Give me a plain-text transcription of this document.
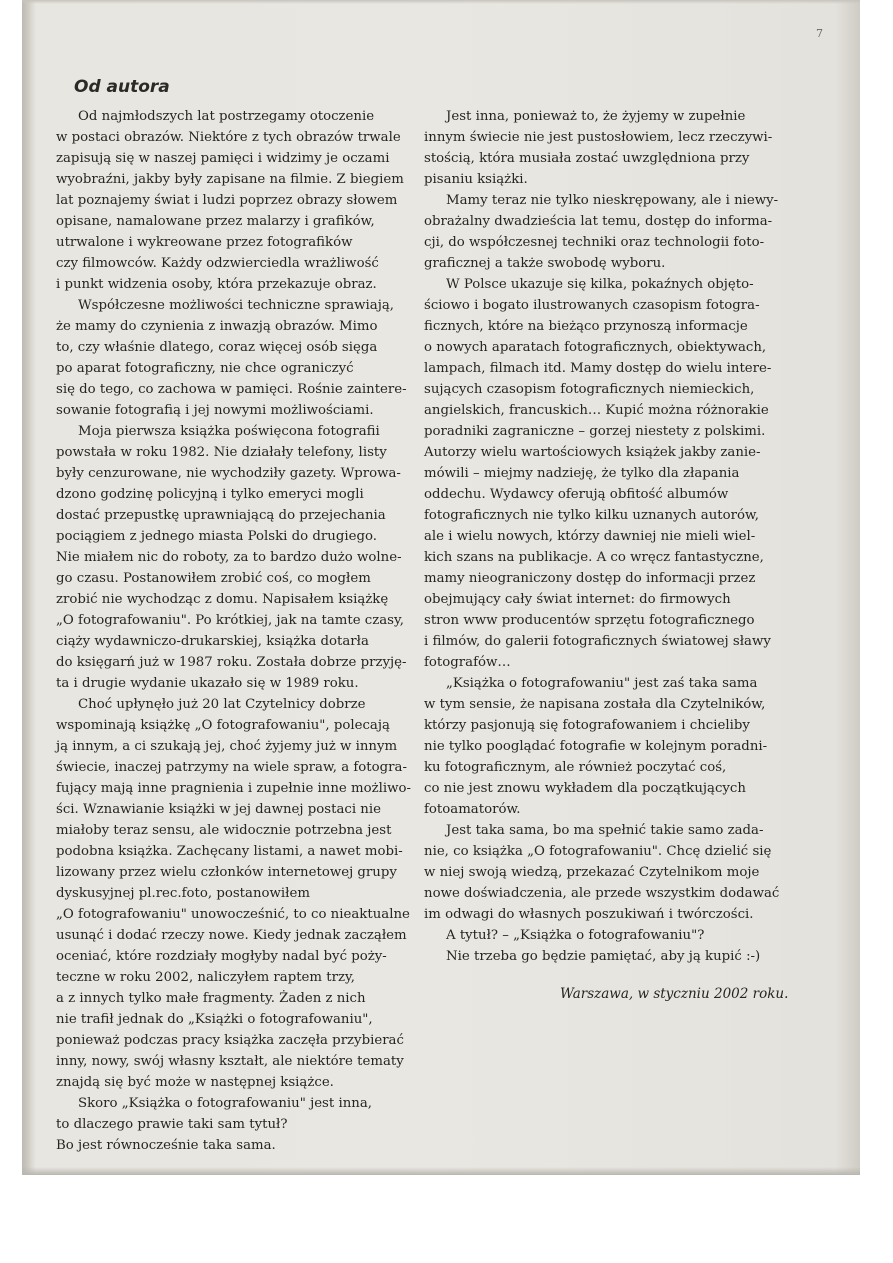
7
Od autora
Od najmłodszych lat postrzegamy otoczenie
w postaci obrazów. Niektóre z tych obrazów trwale
zapisują się w naszej pamięci i widzimy je oczami
wyobraźni, jakby były zapisane na filmie. Z biegiem
lat poznajemy świat i ludzi poprzez obrazy słowem
opisane, namalowane przez malarzy i grafików,
utrwalone i wykreowane przez fotografików
czy filmowców. Każdy odzwierciedla wrażliwość
i punkt widzenia osoby, która przekazuje obraz.
Współczesne możliwości techniczne sprawiają,
że mamy do czynienia z inwazją obrazów. Mimo
to, czy właśnie dlatego, coraz więcej osób sięga
po aparat fotograficzny, nie chce ograniczyć
się do tego, co zachowa w pamięci. Rośnie zaintere-
sowanie fotografią i jej nowymi możliwościami.
Moja pierwsza książka poświęcona fotografii
powstała w roku 1982. Nie działały telefony, listy
były cenzurowane, nie wychodziły gazety. Wprowa-
dzono godzinę policyjną i tylko emeryci mogli
dostać przepustkę uprawniającą do przejechania
pociągiem z jednego miasta Polski do drugiego.
Nie miałem nic do roboty, za to bardzo dużo wolne-
go czasu. Postanowiłem zrobić coś, co mogłem
zrobić nie wychodząc z domu. Napisałem książkę
„O fotografowaniu". Po krótkiej, jak na tamte czasy,
ciąży wydawniczo-drukarskiej, książka dotarła
do księgarń już w 1987 roku. Została dobrze przyję-
ta i drugie wydanie ukazało się w 1989 roku.
Choć upłynęło już 20 lat Czytelnicy dobrze
wspominają książkę „O fotografowaniu", polecają
ją innym, a ci szukają jej, choć żyjemy już w innym
świecie, inaczej patrzymy na wiele spraw, a fotogra-
fujący mają inne pragnienia i zupełnie inne możliwo-
ści. Wznawianie książki w jej dawnej postaci nie
miałoby teraz sensu, ale widocznie potrzebna jest
podobna książka. Zachęcany listami, a nawet mobi-
lizowany przez wielu członków internetowej grupy
dyskusyjnej pl.rec.foto, postanowiłem
„O fotografowaniu" unowocześnić, to co nieaktualne
usunąć i dodać rzeczy nowe. Kiedy jednak zacząłem
oceniać, które rozdziały mogłyby nadal być poży-
teczne w roku 2002, naliczyłem raptem trzy,
a z innych tylko małe fragmenty. Żaden z nich
nie trafił jednak do „Książki o fotografowaniu",
ponieważ podczas pracy książka zaczęła przybierać
inny, nowy, swój własny kształt, ale niektóre tematy
znajdą się być może w następnej książce.
Skoro „Książka o fotografowaniu" jest inna,
to dlaczego prawie taki sam tytuł?
Bo jest równocześnie taka sama.
Jest inna, ponieważ to, że żyjemy w zupełnie
innym świecie nie jest pustosłowiem, lecz rzeczywi-
stością, która musiała zostać uwzględniona przy
pisaniu książki.
Mamy teraz nie tylko nieskrępowany, ale i niewy-
obrażalny dwadzieścia lat temu, dostęp do informa-
cji, do współczesnej techniki oraz technologii foto-
graficznej a także swobodę wyboru.
W Polsce ukazuje się kilka, pokaźnych objęto-
ściowo i bogato ilustrowanych czasopism fotogra-
ficznych, które na bieżąco przynoszą informacje
o nowych aparatach fotograficznych, obiektywach,
lampach, filmach itd. Mamy dostęp do wielu intere-
sujących czasopism fotograficznych niemieckich,
angielskich, francuskich… Kupić można różnorakie
poradniki zagraniczne – gorzej niestety z polskimi.
Autorzy wielu wartościowych książek jakby zanie-
mówili – miejmy nadzieję, że tylko dla złapania
oddechu. Wydawcy oferują obfitość albumów
fotograficznych nie tylko kilku uznanych autorów,
ale i wielu nowych, którzy dawniej nie mieli wiel-
kich szans na publikacje. A co wręcz fantastyczne,
mamy nieograniczony dostęp do informacji przez
obejmujący cały świat internet: do firmowych
stron www producentów sprzętu fotograficznego
i filmów, do galerii fotograficznych światowej sławy
fotografów…
„Książka o fotografowaniu" jest zaś taka sama
w tym sensie, że napisana została dla Czytelników,
którzy pasjonują się fotografowaniem i chcieliby
nie tylko pooglądać fotografie w kolejnym poradni-
ku fotograficznym, ale również poczytać coś,
co nie jest znowu wykładem dla początkujących
fotoamatorów.
Jest taka sama, bo ma spełnić takie samo zada-
nie, co książka „O fotografowaniu". Chcę dzielić się
w niej swoją wiedzą, przekazać Czytelnikom moje
nowe doświadczenia, ale przede wszystkim dodawać
im odwagi do własnych poszukiwań i twórczości.
A tytuł? – „Książka o fotografowaniu"?
Nie trzeba go będzie pamiętać, aby ją kupić :-)
Warszawa, w styczniu 2002 roku.
